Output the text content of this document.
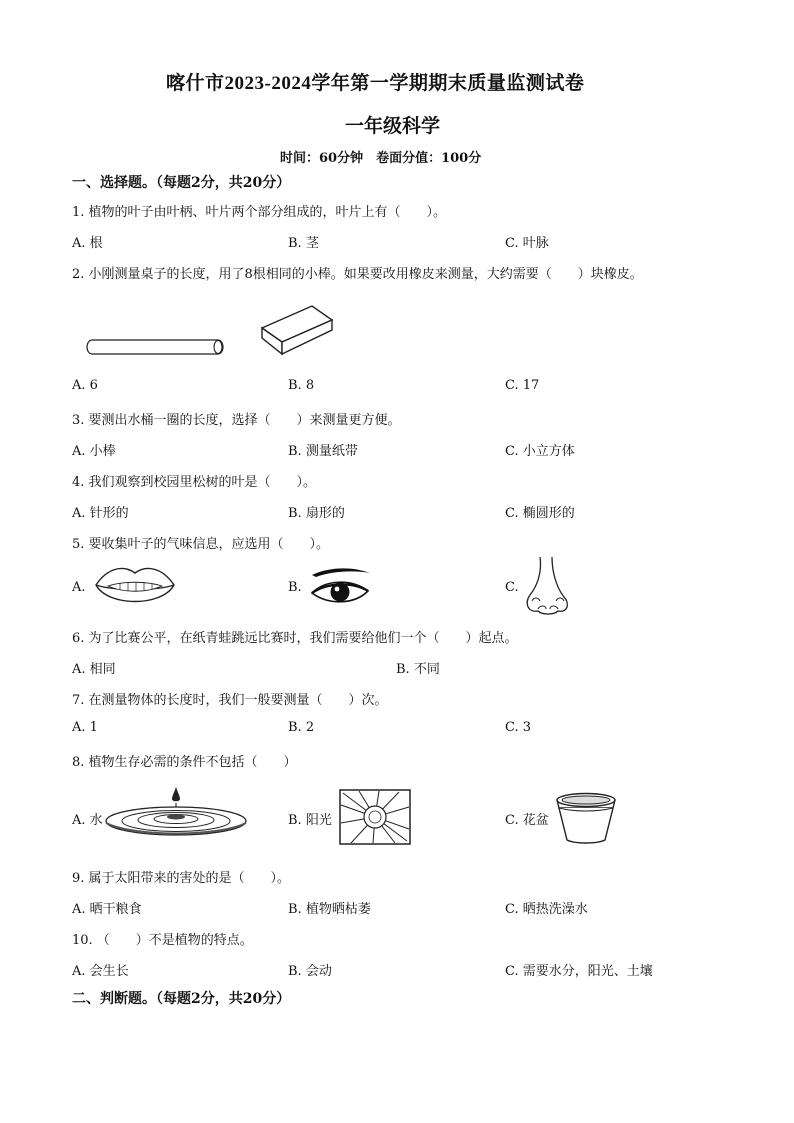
喀什市2023-2024学年第一学期期末质量监测试卷
一年级科学
时间：60分钟　卷面分值：100分
一、选择题。（每题2分，共20分）
1. 植物的叶子由叶柄、叶片两个部分组成的，叶片上有（　　）。
A. 根	B. 茎	C. 叶脉
2. 小刚测量桌子的长度，用了8根相同的小棒。如果要改用橡皮来测量，大约需要（　　）块橡皮。
A. 6	B. 8	C. 17
3. 要测出水桶一圈的长度，选择（　　）来测量更方便。
A. 小棒	B. 测量纸带	C. 小立方体
4. 我们观察到校园里松树的叶是（　　）。
A. 针形的	B. 扇形的	C. 椭圆形的
5. 要收集叶子的气味信息，应选用（　　）。
A.	B.	C.
6. 为了比赛公平，在纸青蛙跳远比赛时，我们需要给他们一个（　　）起点。
A. 相同	B. 不同
7. 在测量物体的长度时，我们一般要测量（　　）次。
A. 1	B. 2	C. 3
8. 植物生存必需的条件不包括（　　）
A. 水	B. 阳光	C. 花盆
9. 属于太阳带来的害处的是（　　）。
A. 晒干粮食	B. 植物晒枯萎	C. 晒热洗澡水
10. （　　）不是植物的特点。
A. 会生长	B. 会动	C. 需要水分，阳光、土壤
二、判断题。（每题2分，共20分）
